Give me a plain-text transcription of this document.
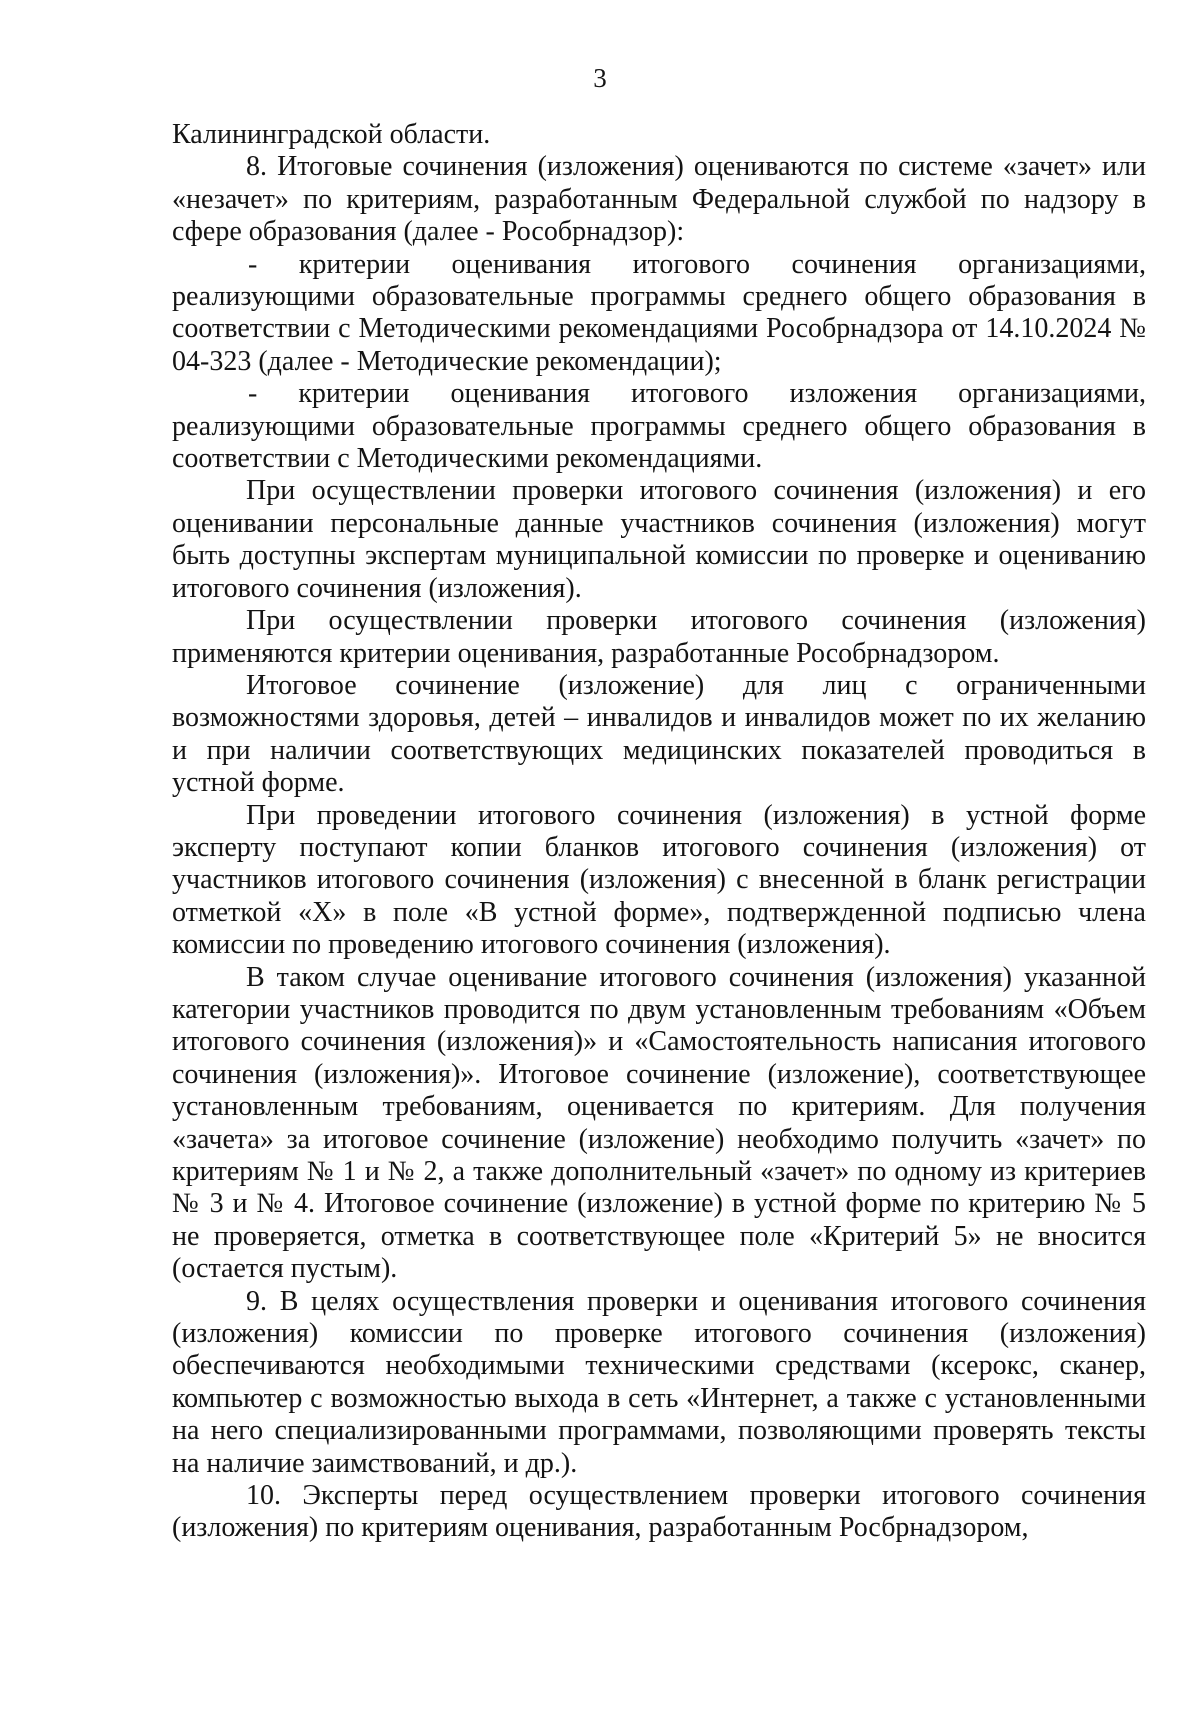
3

Калининградской области.

8. Итоговые сочинения (изложения) оцениваются по системе «зачет» или «незачет» по критериям, разработанным Федеральной службой по надзору в сфере образования (далее - Рособрнадзор):

- критерии оценивания итогового сочинения организациями, реализующими образовательные программы среднего общего образования в соответствии с Методическими рекомендациями Рособрнадзора от 14.10.2024 № 04-323 (далее - Методические рекомендации);

- критерии оценивания итогового изложения организациями, реализующими образовательные программы среднего общего образования в соответствии с Методическими рекомендациями.

При осуществлении проверки итогового сочинения (изложения) и его оценивании персональные данные участников сочинения (изложения) могут быть доступны экспертам муниципальной комиссии по проверке и оцениванию итогового сочинения (изложения).

При осуществлении проверки итогового сочинения (изложения) применяются критерии оценивания, разработанные Рособрнадзором.

Итоговое сочинение (изложение) для лиц с ограниченными возможностями здоровья, детей – инвалидов и инвалидов может по их желанию и при наличии соответствующих медицинских показателей проводиться в устной форме.

При проведении итогового сочинения (изложения) в устной форме эксперту поступают копии бланков итогового сочинения (изложения) от участников итогового сочинения (изложения) с внесенной в бланк регистрации отметкой «Х» в поле «В устной форме», подтвержденной подписью члена комиссии по проведению итогового сочинения (изложения).

В таком случае оценивание итогового сочинения (изложения) указанной категории участников проводится по двум установленным требованиям «Объем итогового сочинения (изложения)» и «Самостоятельность написания итогового сочинения (изложения)». Итоговое сочинение (изложение), соответствующее установленным требованиям, оценивается по критериям. Для получения «зачета» за итоговое сочинение (изложение) необходимо получить «зачет» по критериям № 1 и № 2, а также дополнительный «зачет» по одному из критериев № 3 и № 4. Итоговое сочинение (изложение) в устной форме по критерию № 5 не проверяется, отметка в соответствующее поле «Критерий 5» не вносится (остается пустым).

9. В целях осуществления проверки и оценивания итогового сочинения (изложения) комиссии по проверке итогового сочинения (изложения) обеспечиваются необходимыми техническими средствами (ксерокс, сканер, компьютер с возможностью выхода в сеть «Интернет, а также с установленными на него специализированными программами, позволяющими проверять тексты на наличие заимствований, и др.).

10. Эксперты перед осуществлением проверки итогового сочинения (изложения) по критериям оценивания, разработанным Росбрнадзором,
